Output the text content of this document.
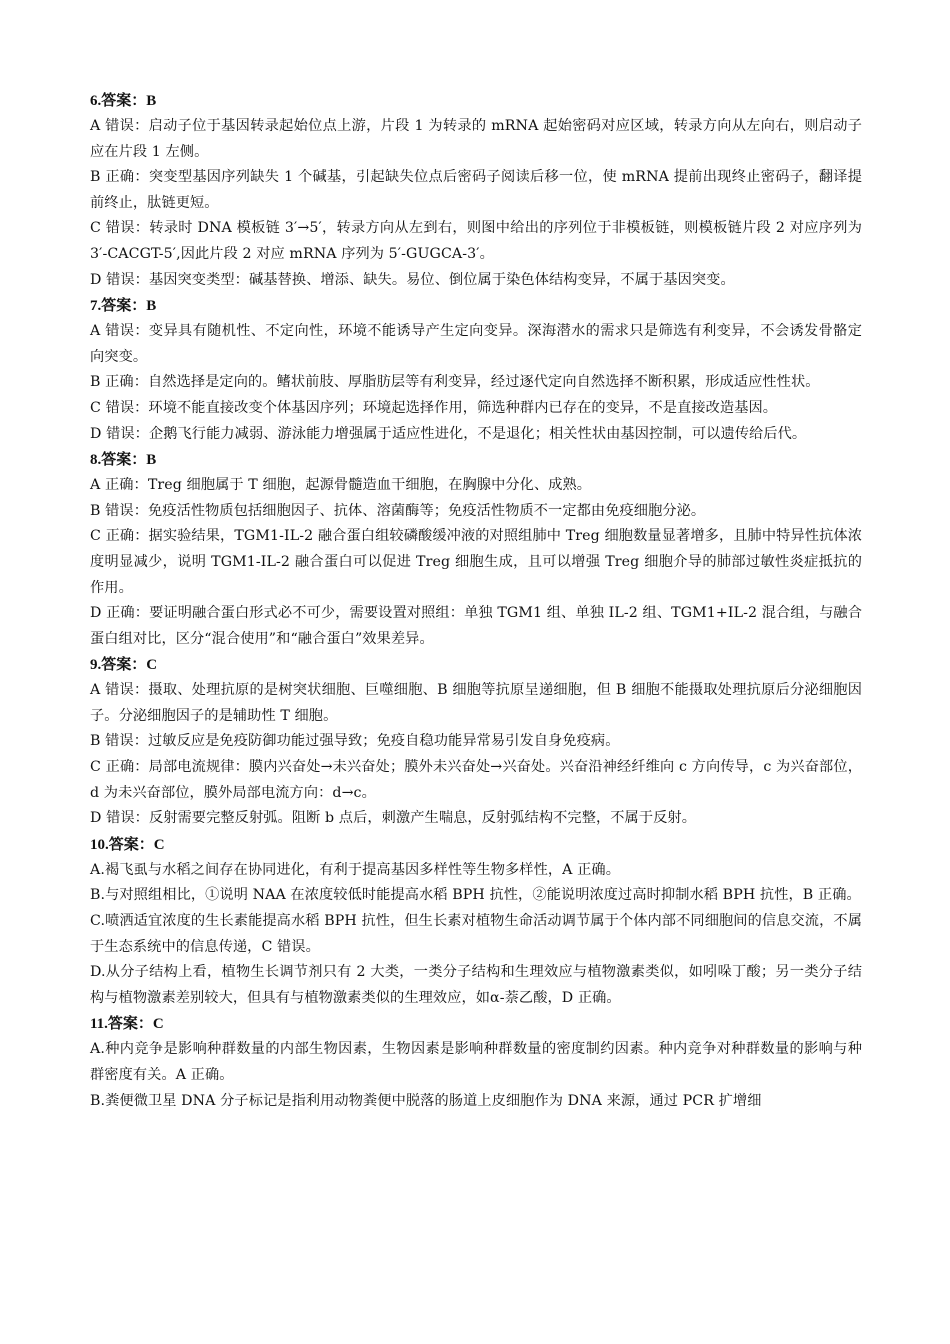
6.答案：B

A 错误：启动子位于基因转录起始位点上游，片段 1 为转录的 mRNA 起始密码对应区域，转录方向从左向右，则启动子应在片段 1 左侧。

B 正确：突变型基因序列缺失 1 个碱基，引起缺失位点后密码子阅读后移一位，使 mRNA 提前出现终止密码子，翻译提前终止，肽链更短。

C 错误：转录时 DNA 模板链 3′→5′，转录方向从左到右，则图中给出的序列位于非模板链，则模板链片段 2 对应序列为 3′-CACGT-5′,因此片段 2 对应 mRNA 序列为 5′-GUGCA-3′。

D 错误：基因突变类型：碱基替换、增添、缺失。易位、倒位属于染色体结构变异，不属于基因突变。

7.答案：B

A 错误：变异具有随机性、不定向性，环境不能诱导产生定向变异。深海潜水的需求只是筛选有利变异，不会诱发骨骼定向突变。

B 正确：自然选择是定向的。鳍状前肢、厚脂肪层等有利变异，经过逐代定向自然选择不断积累，形成适应性性状。

C 错误：环境不能直接改变个体基因序列；环境起选择作用，筛选种群内已存在的变异，不是直接改造基因。

D 错误：企鹅飞行能力减弱、游泳能力增强属于适应性进化，不是退化；相关性状由基因控制，可以遗传给后代。

8.答案：B

A 正确：Treg 细胞属于 T 细胞，起源骨髓造血干细胞，在胸腺中分化、成熟。

B 错误：免疫活性物质包括细胞因子、抗体、溶菌酶等；免疫活性物质不一定都由免疫细胞分泌。

C 正确：据实验结果，TGM1-IL-2 融合蛋白组较磷酸缓冲液的对照组肺中 Treg 细胞数量显著增多，且肺中特异性抗体浓度明显减少，说明 TGM1-IL-2 融合蛋白可以促进 Treg 细胞生成，且可以增强 Treg 细胞介导的肺部过敏性炎症抵抗的作用。

D 正确：要证明融合蛋白形式必不可少，需要设置对照组：单独 TGM1 组、单独 IL-2 组、TGM1+IL-2 混合组，与融合蛋白组对比，区分“混合使用”和“融合蛋白”效果差异。

9.答案：C

A 错误：摄取、处理抗原的是树突状细胞、巨噬细胞、B 细胞等抗原呈递细胞，但 B 细胞不能摄取处理抗原后分泌细胞因子。分泌细胞因子的是辅助性 T 细胞。

B 错误：过敏反应是免疫防御功能过强导致；免疫自稳功能异常易引发自身免疫病。

C 正确：局部电流规律：膜内兴奋处→未兴奋处；膜外未兴奋处→兴奋处。兴奋沿神经纤维向 c 方向传导，c 为兴奋部位，d 为未兴奋部位，膜外局部电流方向：d→c。

D 错误：反射需要完整反射弧。阻断 b 点后，刺激产生喘息，反射弧结构不完整，不属于反射。

10.答案：C

A.褐飞虱与水稻之间存在协同进化，有利于提高基因多样性等生物多样性，A 正确。

B.与对照组相比，①说明 NAA 在浓度较低时能提高水稻 BPH 抗性，②能说明浓度过高时抑制水稻 BPH 抗性，B 正确。

C.喷洒适宜浓度的生长素能提高水稻 BPH 抗性，但生长素对植物生命活动调节属于个体内部不同细胞间的信息交流，不属于生态系统中的信息传递，C 错误。

D.从分子结构上看，植物生长调节剂只有 2 大类，一类分子结构和生理效应与植物激素类似，如吲哚丁酸；另一类分子结构与植物激素差别较大，但具有与植物激素类似的生理效应，如α-萘乙酸，D 正确。

11.答案：C

A.种内竞争是影响种群数量的内部生物因素，生物因素是影响种群数量的密度制约因素。种内竞争对种群数量的影响与种群密度有关。A 正确。

B.粪便微卫星 DNA 分子标记是指利用动物粪便中脱落的肠道上皮细胞作为 DNA 来源，通过 PCR 扩增细
